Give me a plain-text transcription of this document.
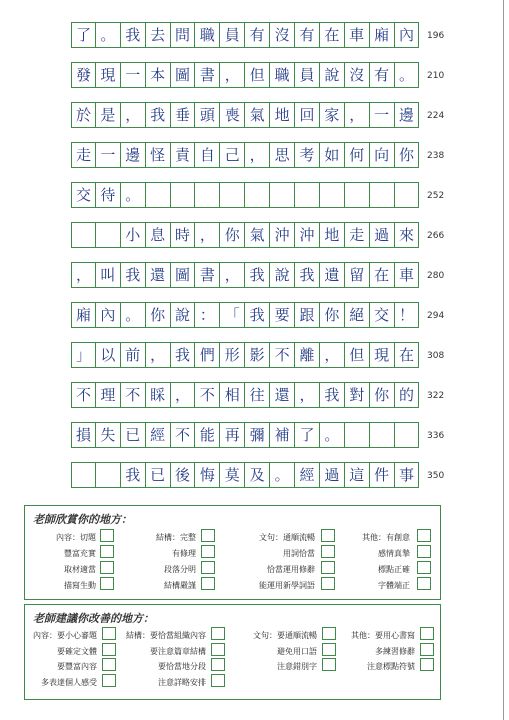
了 。 我 去 問 職 員 有 沒 有 在 車 廂 內	196
發 現 一 本 圖 書 ， 但 職 員 說 沒 有 。	210
於 是 ， 我 垂 頭 喪 氣 地 回 家 ， 一 邊	224
走 一 邊 怪 責 自 己 ， 思 考 如 何 向 你	238
交 待 。	252
小 息 時 ， 你 氣 沖 沖 地 走 過 來	266
， 叫 我 還 圖 書 ， 我 說 我 遺 留 在 車	280
廂 內 。 你 說 ： 「 我 要 跟 你 絕 交 ！	294
」 以 前 ， 我 們 形 影 不 離 ， 但 現 在	308
不 理 不 睬 ， 不 相 往 還 ， 我 對 你 的	322
損 失 已 經 不 能 再 彌 補 了 。	336
我 已 後 悔 莫 及 。 經 過 這 件 事	350
老師欣賞你的地方：
內容：切題
豐富充實
取材適當
描寫生動
結構：完整
有條理
段落分明
結構嚴謹
文句：通順流暢
用詞恰當
恰當運用修辭
能運用新學詞語
其他：有創意
感情真摯
標點正確
字體端正
老師建議你改善的地方：
內容：要小心審題
要確定文體
要豐富內容
多表達個人感受
結構：要恰當組織內容
要注意篇章結構
要恰當地分段
注意詳略安排
文句：要通順流暢
避免用口語
注意錯別字
其他：要用心書寫
多練習修辭
注意標點符號
